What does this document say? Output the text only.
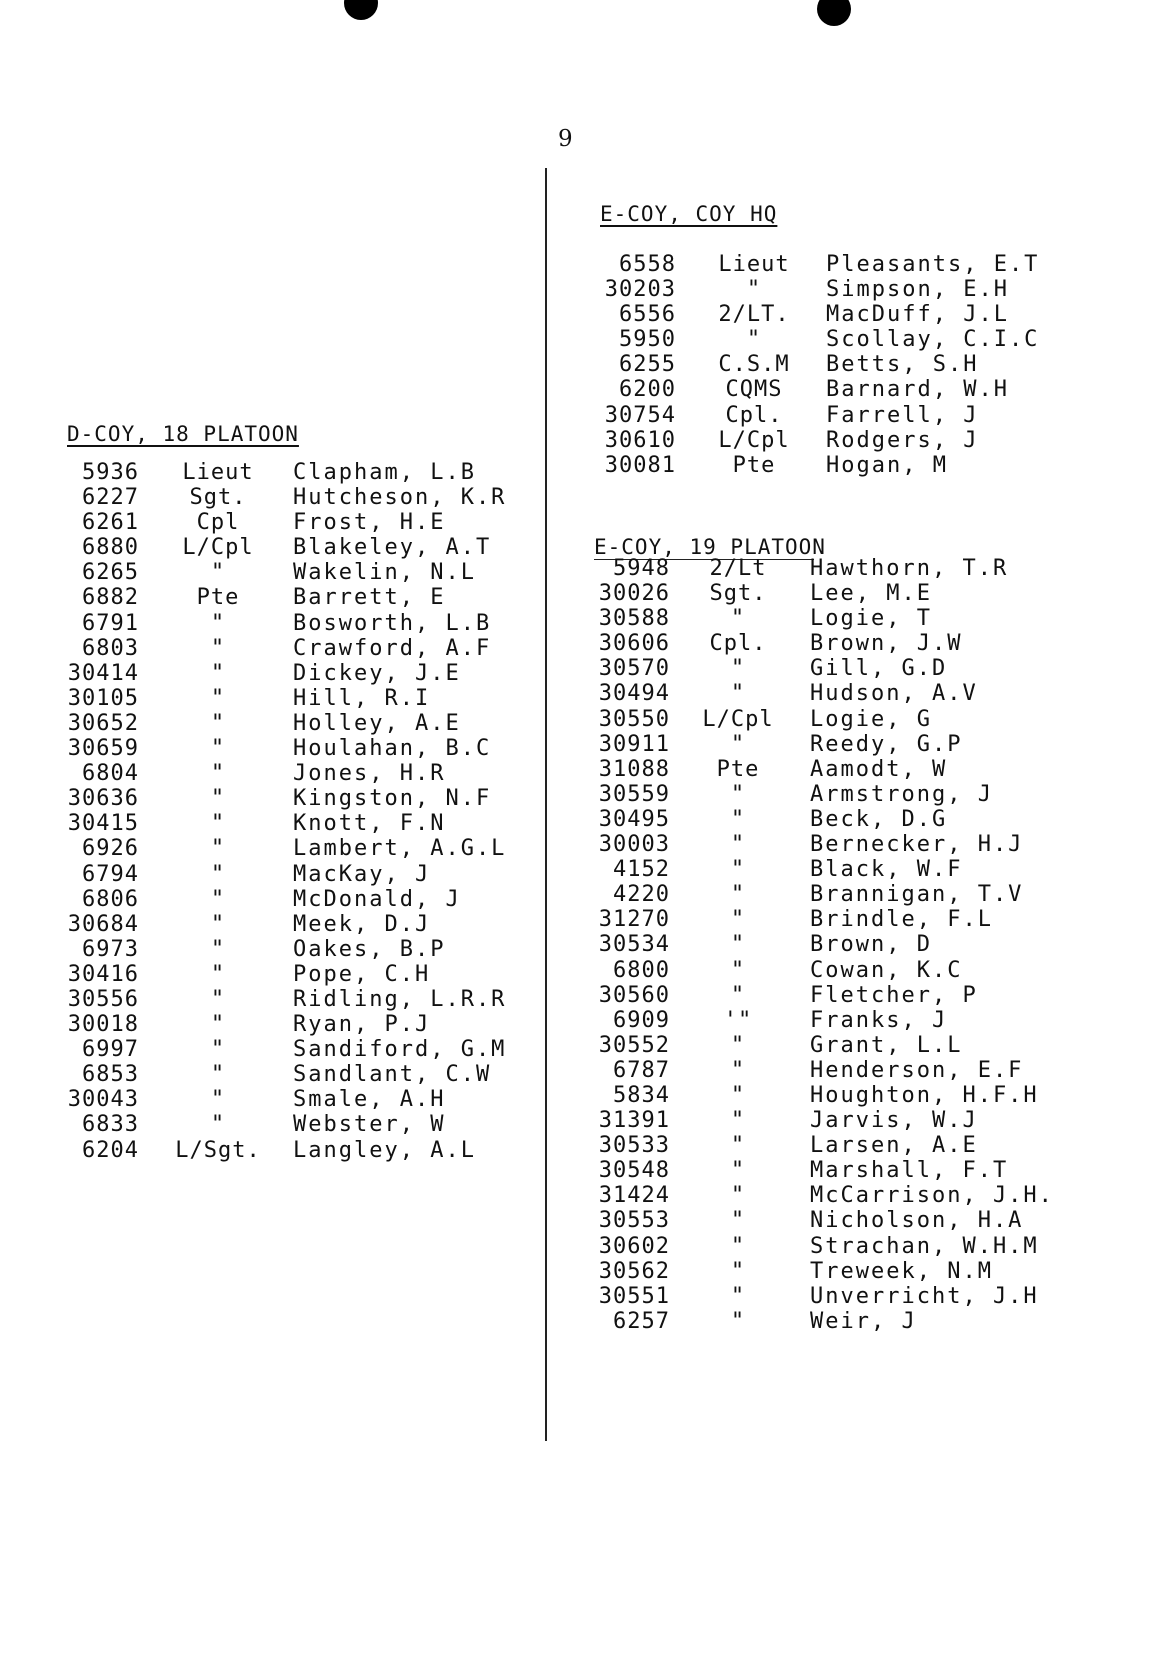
9
D-COY, 18 PLATOON
5936	Lieut	Clapham, L.B
6227	Sgt.	Hutcheson, K.R
6261	Cpl	Frost, H.E
6880	L/Cpl	Blakeley, A.T
6265	"	Wakelin, N.L
6882	Pte	Barrett, E
6791	"	Bosworth, L.B
6803	"	Crawford, A.F
30414	"	Dickey, J.E
30105	"	Hill, R.I
30652	"	Holley, A.E
30659	"	Houlahan, B.C
6804	"	Jones, H.R
30636	"	Kingston, N.F
30415	"	Knott, F.N
6926	"	Lambert, A.G.L
6794	"	MacKay, J
6806	"	McDonald, J
30684	"	Meek, D.J
6973	"	Oakes, B.P
30416	"	Pope, C.H
30556	"	Ridling, L.R.R
30018	"	Ryan, P.J
6997	"	Sandiford, G.M
6853	"	Sandlant, C.W
30043	"	Smale, A.H
6833	"	Webster, W
6204	L/Sgt.	Langley, A.L
E-COY, COY HQ
6558	Lieut	Pleasants, E.T
30203	"	Simpson, E.H
6556	2/LT.	MacDuff, J.L
5950	"	Scollay, C.I.C
6255	C.S.M	Betts, S.H
6200	CQMS	Barnard, W.H
30754	Cpl.	Farrell, J
30610	L/Cpl	Rodgers, J
30081	Pte	Hogan, M
E-COY, 19 PLATOON
5948	2/Lt	Hawthorn, T.R
30026	Sgt.	Lee, M.E
30588	"	Logie, T
30606	Cpl.	Brown, J.W
30570	"	Gill, G.D
30494	"	Hudson, A.V
30550	L/Cpl	Logie, G
30911	"	Reedy, G.P
31088	Pte	Aamodt, W
30559	"	Armstrong, J
30495	"	Beck, D.G
30003	"	Bernecker, H.J
4152	"	Black, W.F
4220	"	Brannigan, T.V
31270	"	Brindle, F.L
30534	"	Brown, D
6800	"	Cowan, K.C
30560	"	Fletcher, P
6909	'"	Franks, J
30552	"	Grant, L.L
6787	"	Henderson, E.F
5834	"	Houghton, H.F.H
31391	"	Jarvis, W.J
30533	"	Larsen, A.E
30548	"	Marshall, F.T
31424	"	McCarrison, J.H.
30553	"	Nicholson, H.A
30602	"	Strachan, W.H.M
30562	"	Treweek, N.M
30551	"	Unverricht, J.H
6257	"	Weir, J
